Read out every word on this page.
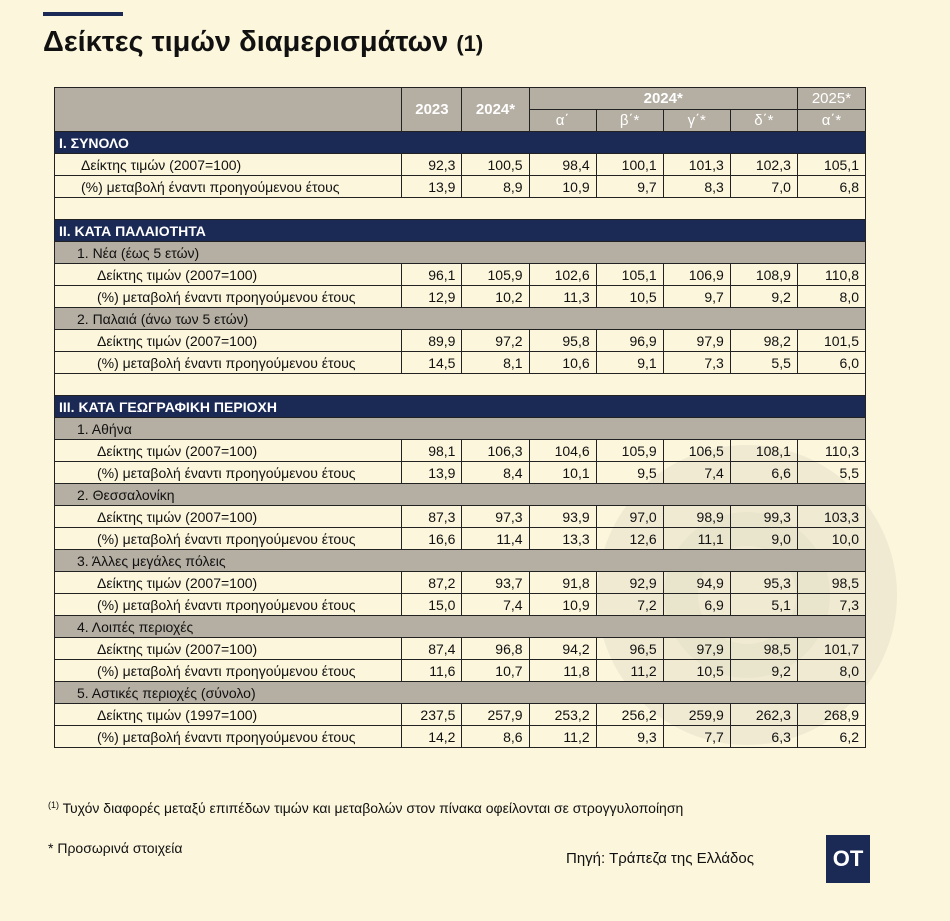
Δείκτες τιμών διαμερισμάτων (1)
	2023	2024*	2024*				2025*
			α΄	β΄*	γ΄*	δ΄*	α΄*
Ι. ΣΥΝΟΛΟ							
Δείκτης τιμών (2007=100)	92,3	100,5	98,4	100,1	101,3	102,3	105,1
(%) μεταβολή έναντι προηγούμενου έτους	13,9	8,9	10,9	9,7	8,3	7,0	6,8

ΙΙ. ΚΑΤΑ ΠΑΛΑΙΟΤΗΤΑ							
1. Νέα (έως 5 ετών)							
Δείκτης τιμών (2007=100)	96,1	105,9	102,6	105,1	106,9	108,9	110,8
(%) μεταβολή έναντι προηγούμενου έτους	12,9	10,2	11,3	10,5	9,7	9,2	8,0
2. Παλαιά (άνω των 5 ετών)							
Δείκτης τιμών (2007=100)	89,9	97,2	95,8	96,9	97,9	98,2	101,5
(%) μεταβολή έναντι προηγούμενου έτους	14,5	8,1	10,6	9,1	7,3	5,5	6,0

ΙΙΙ. ΚΑΤΑ ΓΕΩΓΡΑΦΙΚΗ ΠΕΡΙΟΧΗ							
1. Αθήνα							
Δείκτης τιμών (2007=100)	98,1	106,3	104,6	105,9	106,5	108,1	110,3
(%) μεταβολή έναντι προηγούμενου έτους	13,9	8,4	10,1	9,5	7,4	6,6	5,5
2. Θεσσαλονίκη							
Δείκτης τιμών (2007=100)	87,3	97,3	93,9	97,0	98,9	99,3	103,3
(%) μεταβολή έναντι προηγούμενου έτους	16,6	11,4	13,3	12,6	11,1	9,0	10,0
3. Άλλες μεγάλες πόλεις							
Δείκτης τιμών (2007=100)	87,2	93,7	91,8	92,9	94,9	95,3	98,5
(%) μεταβολή έναντι προηγούμενου έτους	15,0	7,4	10,9	7,2	6,9	5,1	7,3
4. Λοιπές περιοχές							
Δείκτης τιμών (2007=100)	87,4	96,8	94,2	96,5	97,9	98,5	101,7
(%) μεταβολή έναντι προηγούμενου έτους	11,6	10,7	11,8	11,2	10,5	9,2	8,0
5. Αστικές περιοχές (σύνολο)							
Δείκτης τιμών (1997=100)	237,5	257,9	253,2	256,2	259,9	262,3	268,9
(%) μεταβολή έναντι προηγούμενου έτους	14,2	8,6	11,2	9,3	7,7	6,3	6,2
$^{(1)}$ Τυχόν διαφορές μεταξύ επιπέδων τιμών και μεταβολών στον πίνακα οφείλονται σε στρογγυλοποίηση
* Προσωρινά στοιχεία
Πηγή: Τράπεζα της Ελλάδος	ΟΤ
